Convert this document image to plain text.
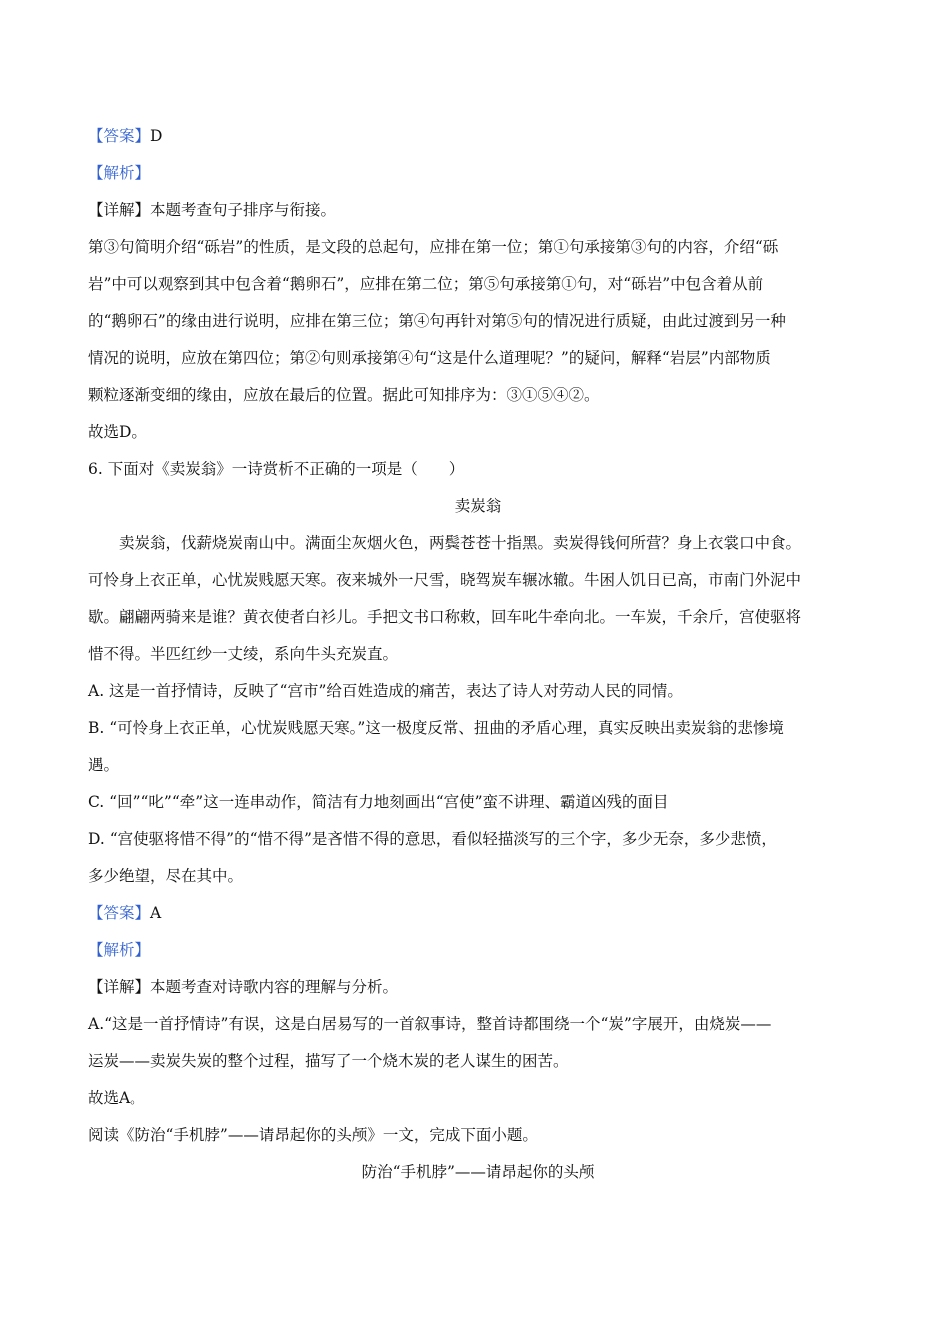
【答案】D
【解析】
【详解】本题考查句子排序与衔接。
第③句简明介绍“砾岩”的性质，是文段的总起句，应排在第一位；第①句承接第③句的内容，介绍“砾
岩”中可以观察到其中包含着“鹅卵石”，应排在第二位；第⑤句承接第①句，对“砾岩”中包含着从前
的“鹅卵石”的缘由进行说明，应排在第三位；第④句再针对第⑤句的情况进行质疑，由此过渡到另一种
情况的说明，应放在第四位；第②句则承接第④句“这是什么道理呢？”的疑问，解释“岩层”内部物质
颗粒逐渐变细的缘由，应放在最后的位置。据此可知排序为：③①⑤④②。
故选D。
6. 下面对《卖炭翁》一诗赏析不正确的一项是（　　）
卖炭翁
卖炭翁，伐薪烧炭南山中。满面尘灰烟火色，两鬓苍苍十指黑。卖炭得钱何所营？身上衣裳口中食。
可怜身上衣正单，心忧炭贱愿天寒。夜来城外一尺雪，晓驾炭车辗冰辙。牛困人饥日已高，市南门外泥中
歇。翩翩两骑来是谁？黄衣使者白衫儿。手把文书口称敕，回车叱牛牵向北。一车炭，千余斤，宫使驱将
惜不得。半匹红纱一丈绫，系向牛头充炭直。
A. 这是一首抒情诗，反映了“宫市”给百姓造成的痛苦，表达了诗人对劳动人民的同情。
B. “可怜身上衣正单，心忧炭贱愿天寒。”这一极度反常、扭曲的矛盾心理，真实反映出卖炭翁的悲惨境
遇。
C. “回”“叱”“牵”这一连串动作，简洁有力地刻画出“宫使”蛮不讲理、霸道凶残的面目
D. “宫使驱将惜不得”的“惜不得”是吝惜不得的意思，看似轻描淡写的三个字，多少无奈，多少悲愤，
多少绝望，尽在其中。
【答案】A
【解析】
【详解】本题考查对诗歌内容的理解与分析。
A.“这是一首抒情诗”有误，这是白居易写的一首叙事诗，整首诗都围绕一个“炭”字展开，由烧炭——
运炭——卖炭失炭的整个过程，描写了一个烧木炭的老人谋生的困苦。
故选A。
阅读《防治“手机脖”——请昂起你的头颅》一文，完成下面小题。
防治“手机脖”——请昂起你的头颅
